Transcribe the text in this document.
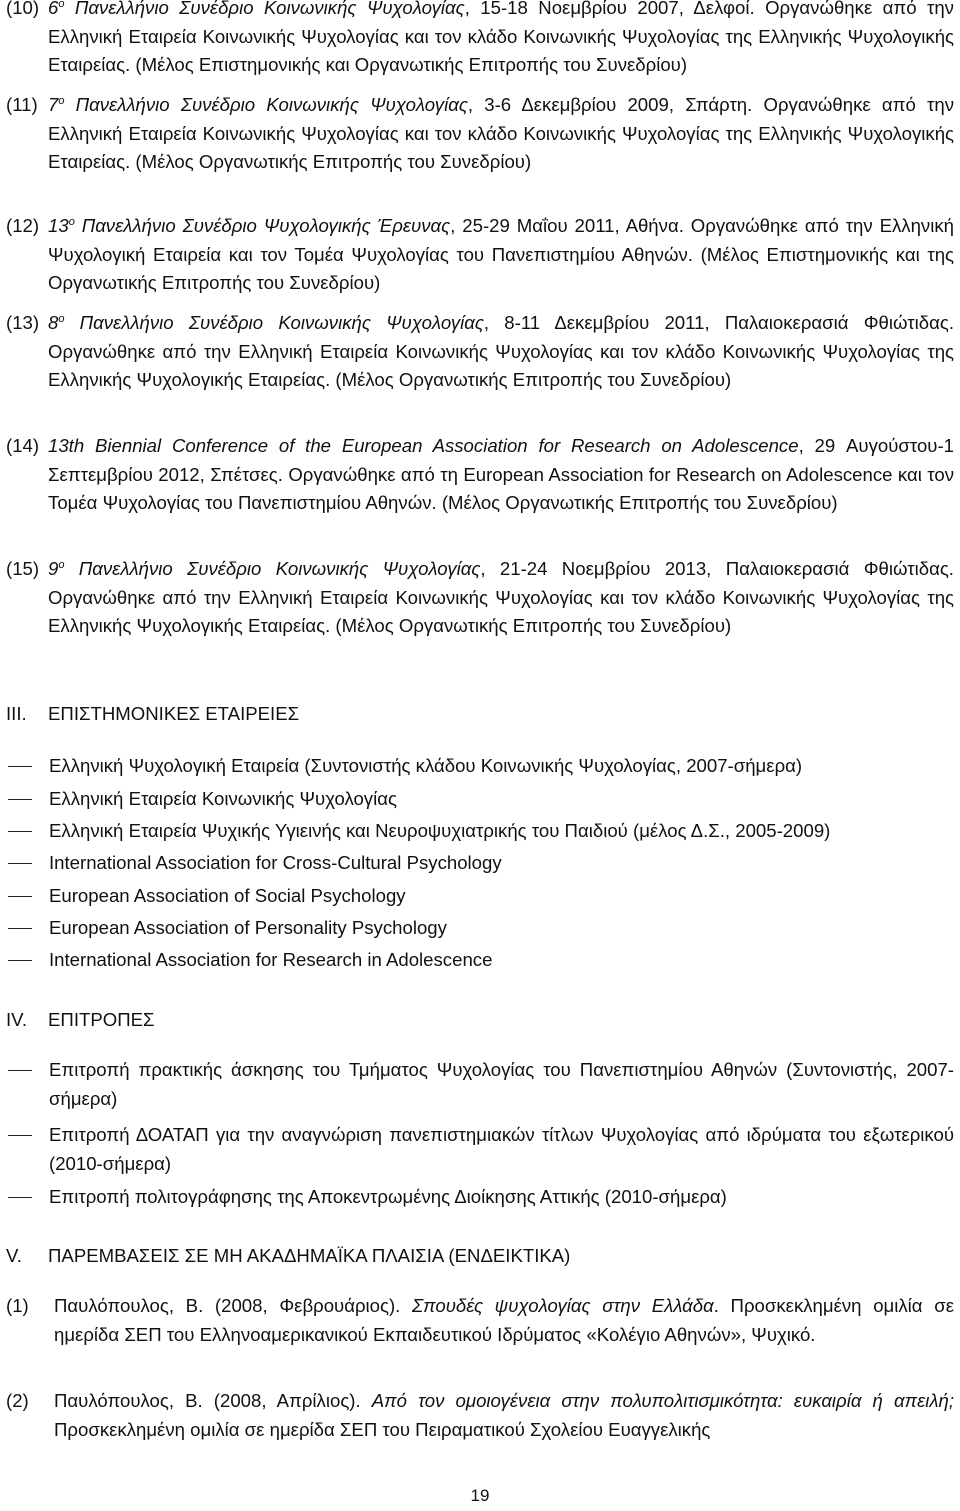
(10) $6^o$ Πανελλήνιο Συνέδριο Κοινωνικής Ψυχολογίας, 15-18 Νοεμβρίου 2007, Δελφοί. Οργανώθηκε από την Ελληνική Εταιρεία Κοινωνικής Ψυχολογίας και τον κλάδο Κοινωνικής Ψυχολογίας της Ελληνικής Ψυχολογικής Εταιρείας. (Μέλος Επιστημονικής και Οργανωτικής Επιτροπής του Συνεδρίου)
(11) $7^o$ Πανελλήνιο Συνέδριο Κοινωνικής Ψυχολογίας, 3-6 Δεκεμβρίου 2009, Σπάρτη. Οργανώθηκε από την Ελληνική Εταιρεία Κοινωνικής Ψυχολογίας και τον κλάδο Κοινωνικής Ψυχολογίας της Ελληνικής Ψυχολογικής Εταιρείας. (Μέλος Οργανωτικής Επιτροπής του Συνεδρίου)
(12) $13^o$ Πανελλήνιο Συνέδριο Ψυχολογικής Έρευνας, 25-29 Μαΐου 2011, Αθήνα. Οργανώθηκε από την Ελληνική Ψυχολογική Εταιρεία και τον Τομέα Ψυχολογίας του Πανεπιστημίου Αθηνών. (Μέλος Επιστημονικής και της Οργανωτικής Επιτροπής του Συνεδρίου)
(13) $8^o$ Πανελλήνιο Συνέδριο Κοινωνικής Ψυχολογίας, 8-11 Δεκεμβρίου 2011, Παλαιοκερασιά Φθιώτιδας. Οργανώθηκε από την Ελληνική Εταιρεία Κοινωνικής Ψυχολογίας και τον κλάδο Κοινωνικής Ψυχολογίας της Ελληνικής Ψυχολογικής Εταιρείας. (Μέλος Οργανωτικής Επιτροπής του Συνεδρίου)
(14) 13th Biennial Conference of the European Association for Research on Adolescence, 29 Αυγούστου-1 Σεπτεμβρίου 2012, Σπέτσες. Οργανώθηκε από τη European Association for Research on Adolescence και τον Τομέα Ψυχολογίας του Πανεπιστημίου Αθηνών. (Μέλος Οργανωτικής Επιτροπής του Συνεδρίου)
(15) $9^o$ Πανελλήνιο Συνέδριο Κοινωνικής Ψυχολογίας, 21-24 Νοεμβρίου 2013, Παλαιοκερασιά Φθιώτιδας. Οργανώθηκε από την Ελληνική Εταιρεία Κοινωνικής Ψυχολογίας και τον κλάδο Κοινωνικής Ψυχολογίας της Ελληνικής Ψυχολογικής Εταιρείας. (Μέλος Οργανωτικής Επιτροπής του Συνεδρίου)
III. ΕΠΙΣΤΗΜΟΝΙΚΕΣ ΕΤΑΙΡΕΙΕΣ
Ελληνική Ψυχολογική Εταιρεία (Συντονιστής κλάδου Κοινωνικής Ψυχολογίας, 2007-σήμερα)
Ελληνική Εταιρεία Κοινωνικής Ψυχολογίας
Ελληνική Εταιρεία Ψυχικής Υγιεινής και Νευροψυχιατρικής του Παιδιού (μέλος Δ.Σ., 2005-2009)
International Association for Cross-Cultural Psychology
European Association of Social Psychology
European Association of Personality Psychology
International Association for Research in Adolescence
IV. ΕΠΙΤΡΟΠΕΣ
Επιτροπή πρακτικής άσκησης του Τμήματος Ψυχολογίας του Πανεπιστημίου Αθηνών (Συντονιστής, 2007-σήμερα)
Επιτροπή ΔΟΑΤΑΠ για την αναγνώριση πανεπιστημιακών τίτλων Ψυχολογίας από ιδρύματα του εξωτερικού (2010-σήμερα)
Επιτροπή πολιτογράφησης της Αποκεντρωμένης Διοίκησης Αττικής (2010-σήμερα)
V. ΠΑΡΕΜΒΑΣΕΙΣ ΣΕ ΜΗ ΑΚΑΔΗΜΑΪΚΑ ΠΛΑΙΣΙΑ (ΕΝΔΕΙΚΤΙΚΑ)
(1) Παυλόπουλος, Β. (2008, Φεβρουάριος). Σπουδές ψυχολογίας στην Ελλάδα. Προσκεκλημένη ομιλία σε ημερίδα ΣΕΠ του Ελληνοαμερικανικού Εκπαιδευτικού Ιδρύματος «Κολέγιο Αθηνών», Ψυχικό.
(2) Παυλόπουλος, Β. (2008, Απρίλιος). Από τον ομοιογένεια στην πολυπολιτισμικότητα: ευκαιρία ή απειλή; Προσκεκλημένη ομιλία σε ημερίδα ΣΕΠ του Πειραματικού Σχολείου Ευαγγελικής
19
